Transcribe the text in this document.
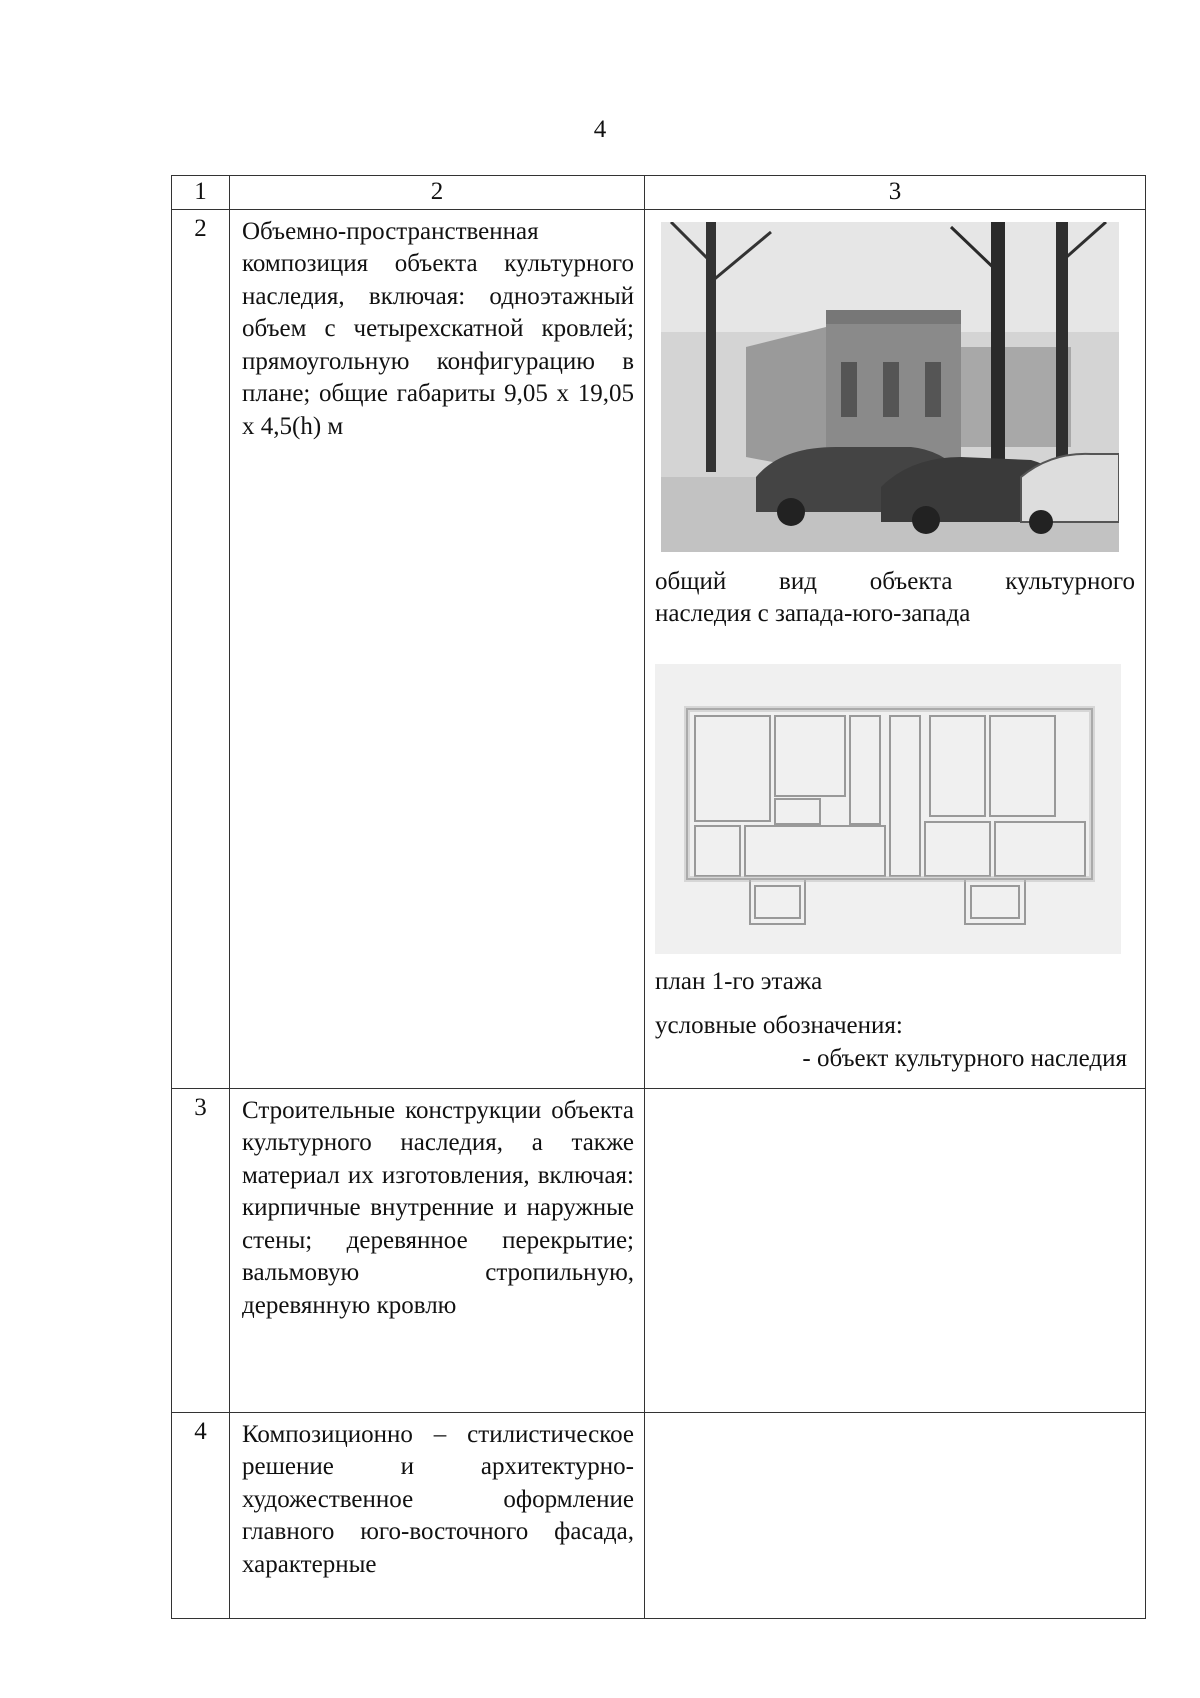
4
1	2	3
2	Объемно-пространственная композиция объекта культурного наследия, включая: одноэтажный объем с четырехскатной кровлей; прямоугольную конфигурацию в плане; общие габариты 9,05 х 19,05 х 4,5(h) м	общий вид объекта культурного
наследия с запада-юго-запада
план 1-го этажа
условные обозначения:
- объект культурного наследия

3	Строительные конструкции объекта культурного наследия, а также материал их изготовления, включая: кирпичные внутренние и наружные стены; деревянное перекрытие; вальмовую стропильную, деревянную кровлю	
4	Композиционно – стилистическое решение и архитектурно-художественное оформление главного юго-восточного фасада, характерные	
